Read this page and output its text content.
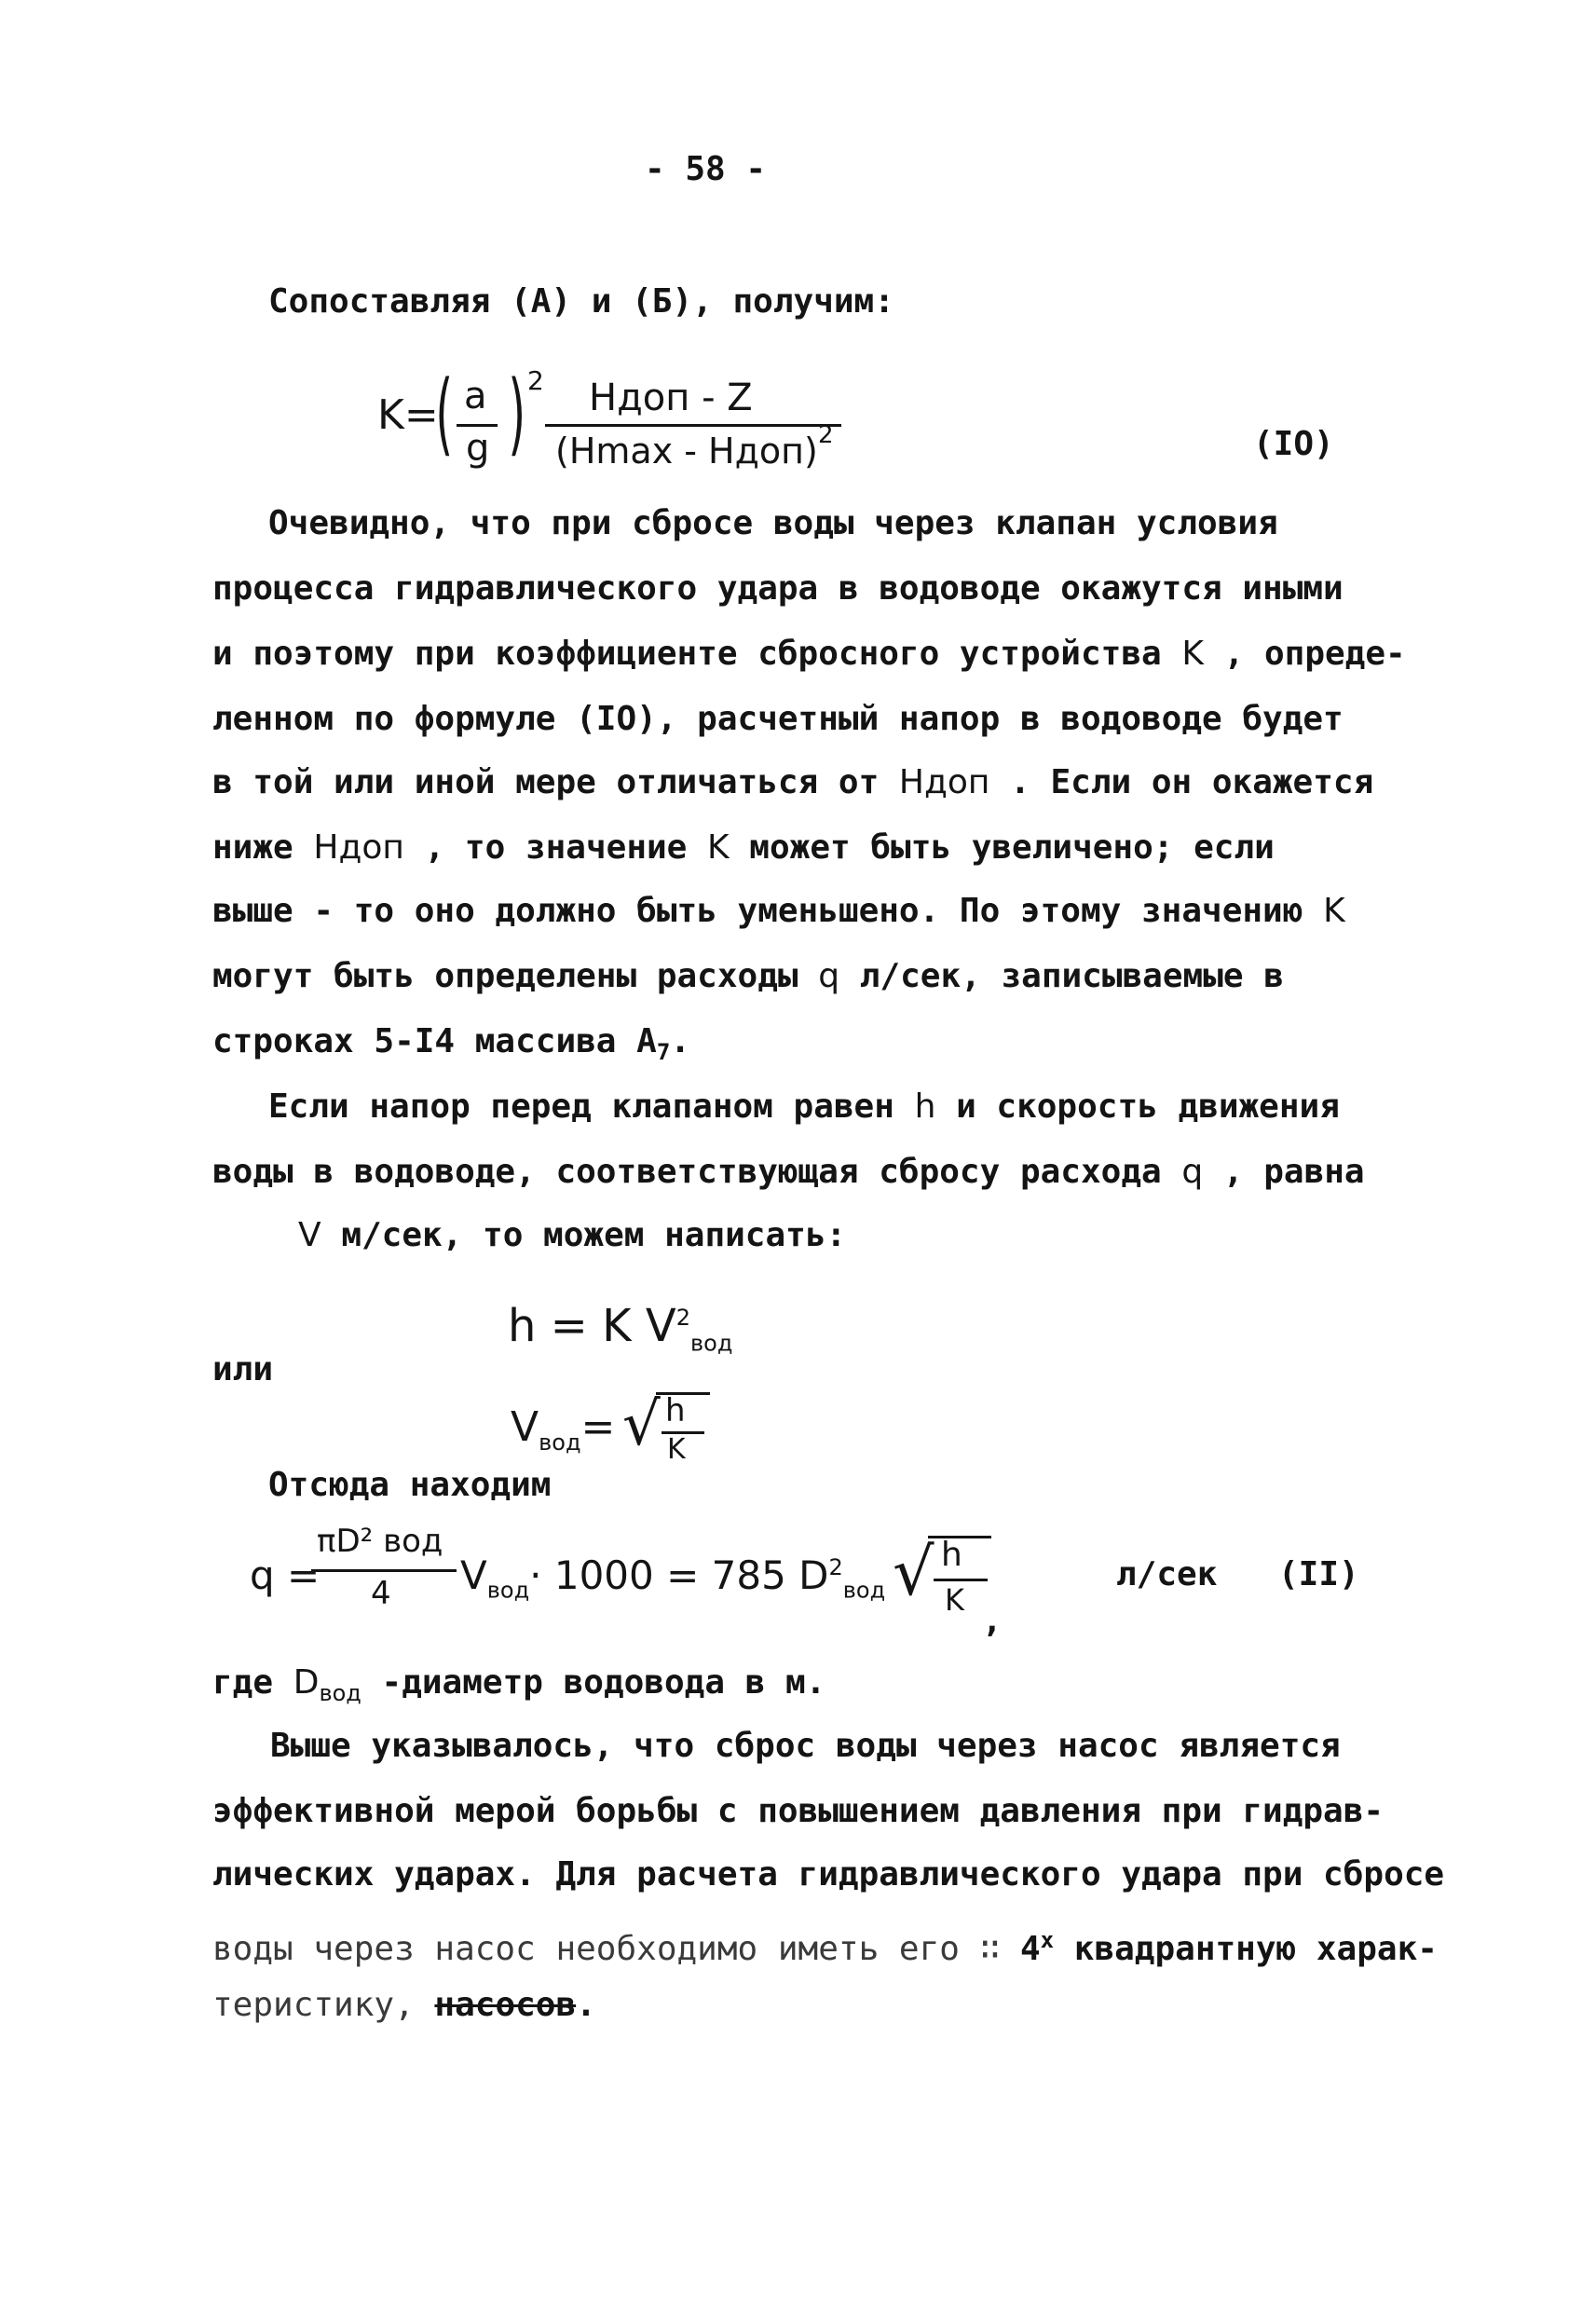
- 58 -
Сопоставляя (А) и (Б), получим:
K=
( a
g ) 2 Hдоп - Z
(Hmax - Hдоп) 2	(IO)
Очевидно, что при сбросе воды через клапан условия
процесса гидравлического удара в водоводе окажутся иными
и поэтому при коэффициенте сбросного устройства K , опреде-
ленном по формуле (IO), расчетный напор в водоводе будет
в той или иной мере отличаться от Hдоп . Если он окажется
ниже Hдоп , то значение K может быть увеличено; если
выше - то оно должно быть уменьшено. По этому значению K
могут быть определены расходы q л/сек, записываемые в
строках 5-I4 массива $A_7$.
Если напор перед клапаном равен h и скорость движения
воды в водоводе, соответствующая сбросу расхода q , равна
V м/сек, то можем написать:
h = K $V^2_{вод}$
или
$V_{вод}=$ √ h
K
Отсюда находим
q =
πD² вод
4 $V_{вод}\cdot 1000 = 785$ $D^2_{вод}$ √ h
K
,
л/сек (II)
где $D_{вод}$ -диаметр водовода в м.
Выше указывалось, что сброс воды через насос является
эффективной мерой борьбы с повышением давления при гидрав-
лических ударах. Для расчета гидравлического удара при сбросе
воды через насос необходимо иметь его ∷ $4^х$ квадрантную харак-
теристику, насосов.
